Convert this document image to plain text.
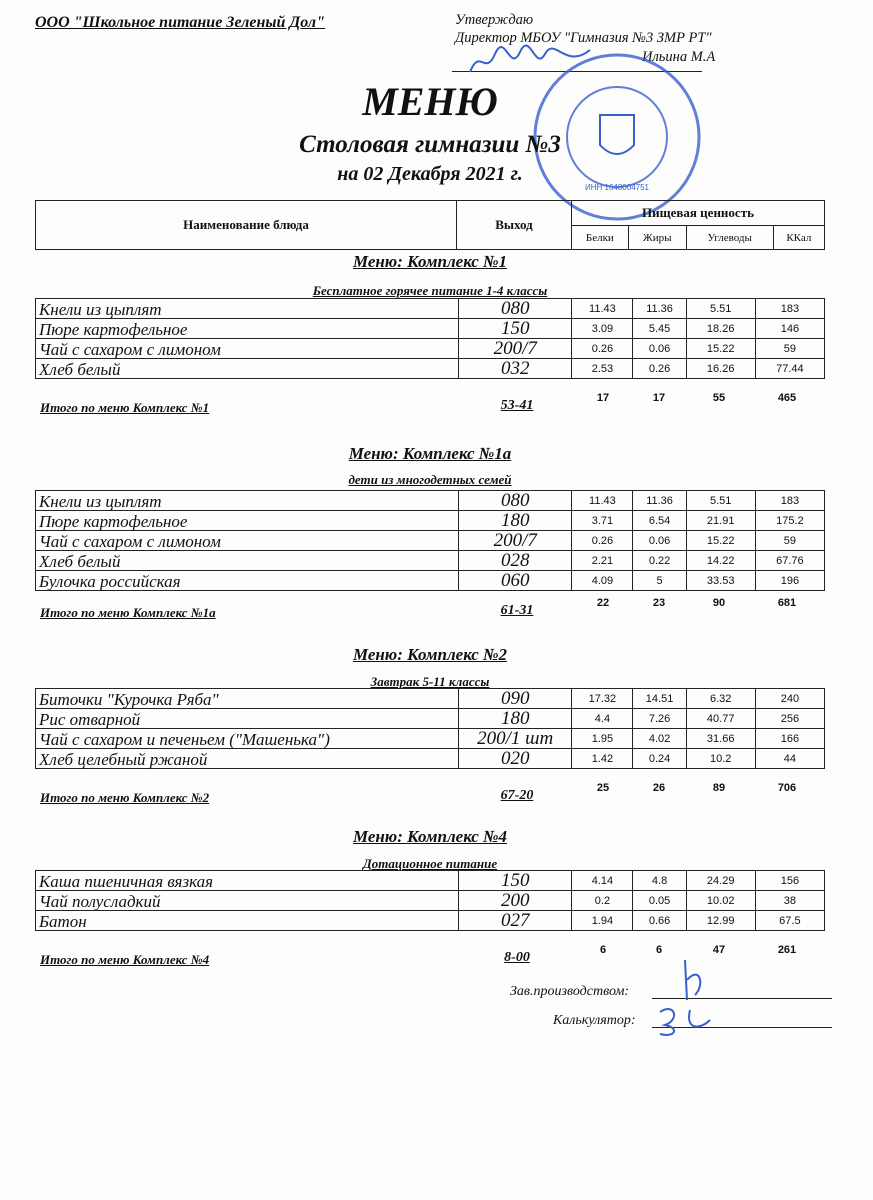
ООО "Школьное питание Зеленый Дол"	Утверждаю
Директор МБОУ "Гимназия №3 ЗМР РТ"
Ильина М.А
ИНН 1648004751
МЕНЮ
Столовая гимназии №3
на 02 Декабря 2021 г.
Наименование блюда	Выход	Пищевая ценность			
		Белки	Жиры	Углеводы	ККал
Меню: Комплекс №1
Бесплатное горячее питание 1-4 классы
Кнели из цыплят	080	11.43	11.36	5.51	183
Пюре картофельное	150	3.09	5.45	18.26	146
Чай с сахаром с лимоном	200/7	0.26	0.06	15.22	59
Хлеб белый	032	2.53	0.26	16.26	77.44
Итого по меню Комплекс №1	53-41	17	17	55	465
Меню: Комплекс №1а
дети из многодетных семей
Кнели из цыплят	080	11.43	11.36	5.51	183
Пюре картофельное	180	3.71	6.54	21.91	175.2
Чай с сахаром с лимоном	200/7	0.26	0.06	15.22	59
Хлеб белый	028	2.21	0.22	14.22	67.76
Булочка российская	060	4.09	5	33.53	196
Итого по меню Комплекс №1а	61-31	22	23	90	681
Меню: Комплекс №2
Завтрак 5-11 классы
Биточки "Курочка Ряба"	090	17.32	14.51	6.32	240
Рис отварной	180	4.4	7.26	40.77	256
Чай с сахаром и печеньем ("Машенька")	200/1 шт	1.95	4.02	31.66	166
Хлеб целебный ржаной	020	1.42	0.24	10.2	44
Итого по меню Комплекс №2	67-20	25	26	89	706
Меню: Комплекс №4
Дотационное питание
Каша пшеничная вязкая	150	4.14	4.8	24.29	156
Чай полусладкий	200	0.2	0.05	10.02	38
Батон	027	1.94	0.66	12.99	67.5
Итого по меню Комплекс №4	8-00	6	6	47	261
Зав.производством:
Калькулятор:
